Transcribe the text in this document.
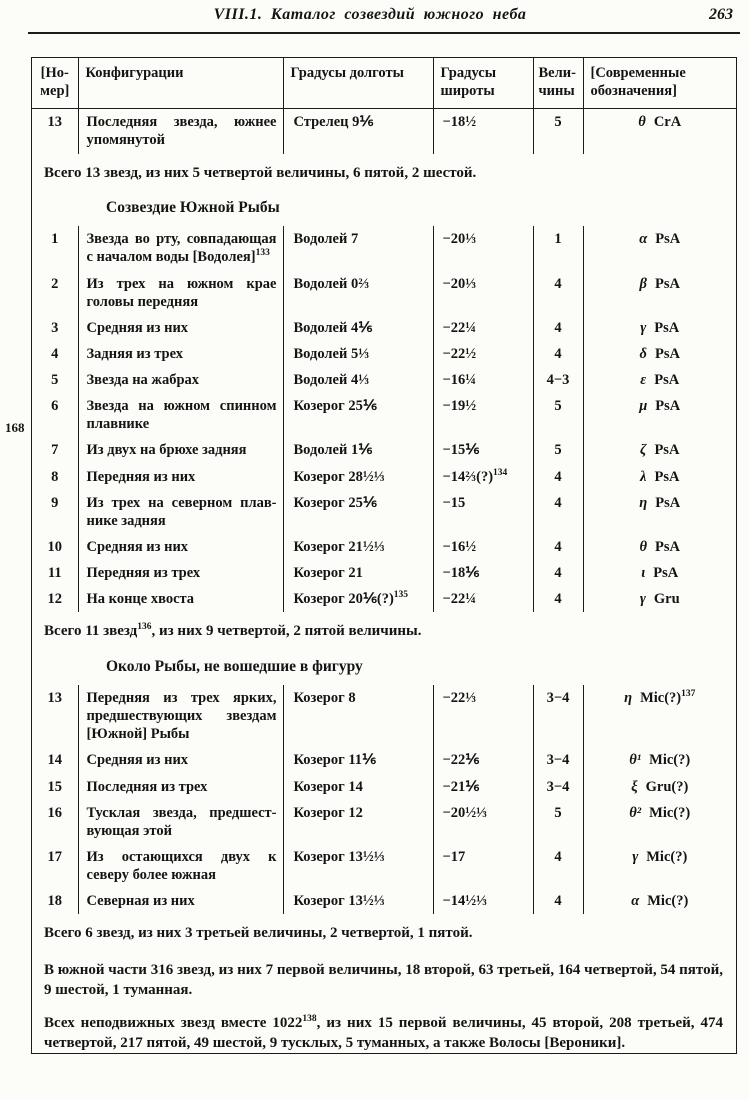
VIII.1. Каталог созвездий южного неба	263
168
[Но-мер]	Конфигурации	Градусы долготы	Градусы широты	Вели-чины	[Современные обозначения]
13	Последняя звезда, южнее упомянутой	Стрелец 9⅙	−18½	5	θ CrA
Всего 13 звезд, из них 5 четвертой величины, 6 пятой, 2 шестой.
Созвездие Южной Рыбы
1	Звезда во рту, совпадающая с началом воды [Водолея]$^{133}$	Водолей 7	−20⅓	1	α PsA
2	Из трех на южном крае головы передняя	Водолей 0⅔	−20⅓	4	β PsA
3	Средняя из них	Водолей 4⅙	−22¼	4	γ PsA
4	Задняя из трех	Водолей 5⅓	−22½	4	δ PsA
5	Звезда на жабрах	Водолей 4⅓	−16¼	4−3	ε PsA
6	Звезда на южном спинном плавнике	Козерог 25⅙	−19½	5	μ PsA
7	Из двух на брюхе задняя	Водолей 1⅙	−15⅙	5	ζ PsA
8	Передняя из них	Козерог 28½⅓	−14⅔(?)$^{134}$	4	λ PsA
9	Из трех на северном плавнике задняя	Козерог 25⅙	−15	4	η PsA
10	Средняя из них	Козерог 21½⅓	−16½	4	θ PsA
11	Передняя из трех	Козерог 21	−18⅙	4	ι PsA
12	На конце хвоста	Козерог 20⅙(?)$^{135}$	−22¼	4	γ Gru
Всего 11 звезд$^{136}$, из них 9 четвертой, 2 пятой величины.
Около Рыбы, не вошедшие в фигуру
13	Передняя из трех ярких, предшествующих звездам [Южной] Рыбы	Козерог 8	−22⅓	3−4	η Mic(?)$^{137}$
14	Средняя из них	Козерог 11⅙	−22⅙	3−4	θ¹ Mic(?)
15	Последняя из трех	Козерог 14	−21⅙	3−4	ξ Gru(?)
16	Тусклая звезда, предшествующая этой	Козерог 12	−20½⅓	5	θ² Mic(?)
17	Из остающихся двух к северу более южная	Козерог 13½⅓	−17	4	γ Mic(?)
18	Северная из них	Козерог 13½⅓	−14½⅓	4	α Mic(?)
Всего 6 звезд, из них 3 третьей величины, 2 четвертой, 1 пятой.
В южной части 316 звезд, из них 7 первой величины, 18 второй, 63 третьей, 164 четвертой, 54 пятой, 9 шестой, 1 туманная.
Всех неподвижных звезд вместе 1022$^{138}$, из них 15 первой величины, 45 второй, 208 третьей, 474 четвертой, 217 пятой, 49 шестой, 9 тусклых, 5 туманных, а также Волосы [Вероники].
